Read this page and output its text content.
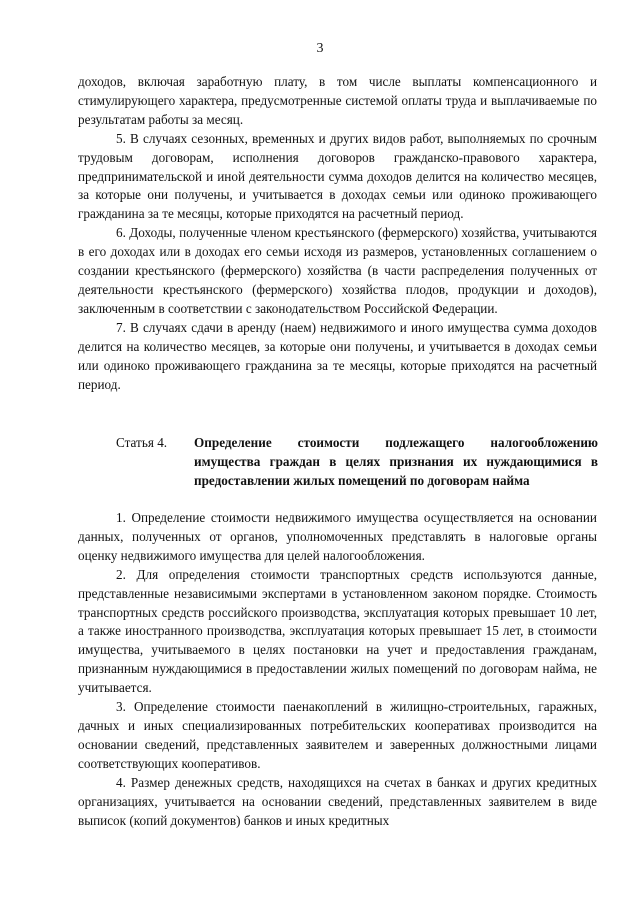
3

доходов, включая заработную плату, в том числе выплаты компенсационного и стимулирующего характера, предусмотренные системой оплаты труда и выплачиваемые по результатам работы за месяц.

5. В случаях сезонных, временных и других видов работ, выполняемых по срочным трудовым договорам, исполнения договоров гражданско-правового характера, предпринимательской и иной деятельности сумма доходов делится на количество месяцев, за которые они получены, и учитывается в доходах семьи или одиноко проживающего гражданина за те месяцы, которые приходятся на расчетный период.

6. Доходы, полученные членом крестьянского (фермерского) хозяйства, учитываются в его доходах или в доходах его семьи исходя из размеров, установленных соглашением о создании крестьянского (фермерского) хозяйства (в части распределения полученных от деятельности крестьянского (фермерского) хозяйства плодов, продукции и доходов), заключенным в соответствии с законодательством Российской Федерации.

7. В случаях сдачи в аренду (наем) недвижимого и иного имущества сумма доходов делится на количество месяцев, за которые они получены, и учитывается в доходах семьи или одиноко проживающего гражданина за те месяцы, которые приходятся на расчетный период.

Статья 4.	Определение стоимости подлежащего налогообложению имущества граждан в целях признания их нуждающимися в предоставлении жилых помещений по договорам найма

1. Определение стоимости недвижимого имущества осуществляется на основании данных, полученных от органов, уполномоченных представлять в налоговые органы оценку недвижимого имущества для целей налогообложения.

2. Для определения стоимости транспортных средств используются данные, представленные независимыми экспертами в установленном законом порядке. Стоимость транспортных средств российского производства, эксплуатация которых превышает 10 лет, а также иностранного производства, эксплуатация которых превышает 15 лет, в стоимости имущества, учитываемого в целях постановки на учет и предоставления гражданам, признанным нуждающимися в предоставлении жилых помещений по договорам найма, не учитывается.

3. Определение стоимости паенакоплений в жилищно-строительных, гаражных, дачных и иных специализированных потребительских кооперативах производится на основании сведений, представленных заявителем и заверенных должностными лицами соответствующих кооперативов.

4. Размер денежных средств, находящихся на счетах в банках и других кредитных организациях, учитывается на основании сведений, представленных заявителем в виде выписок (копий документов) банков и иных кредитных
